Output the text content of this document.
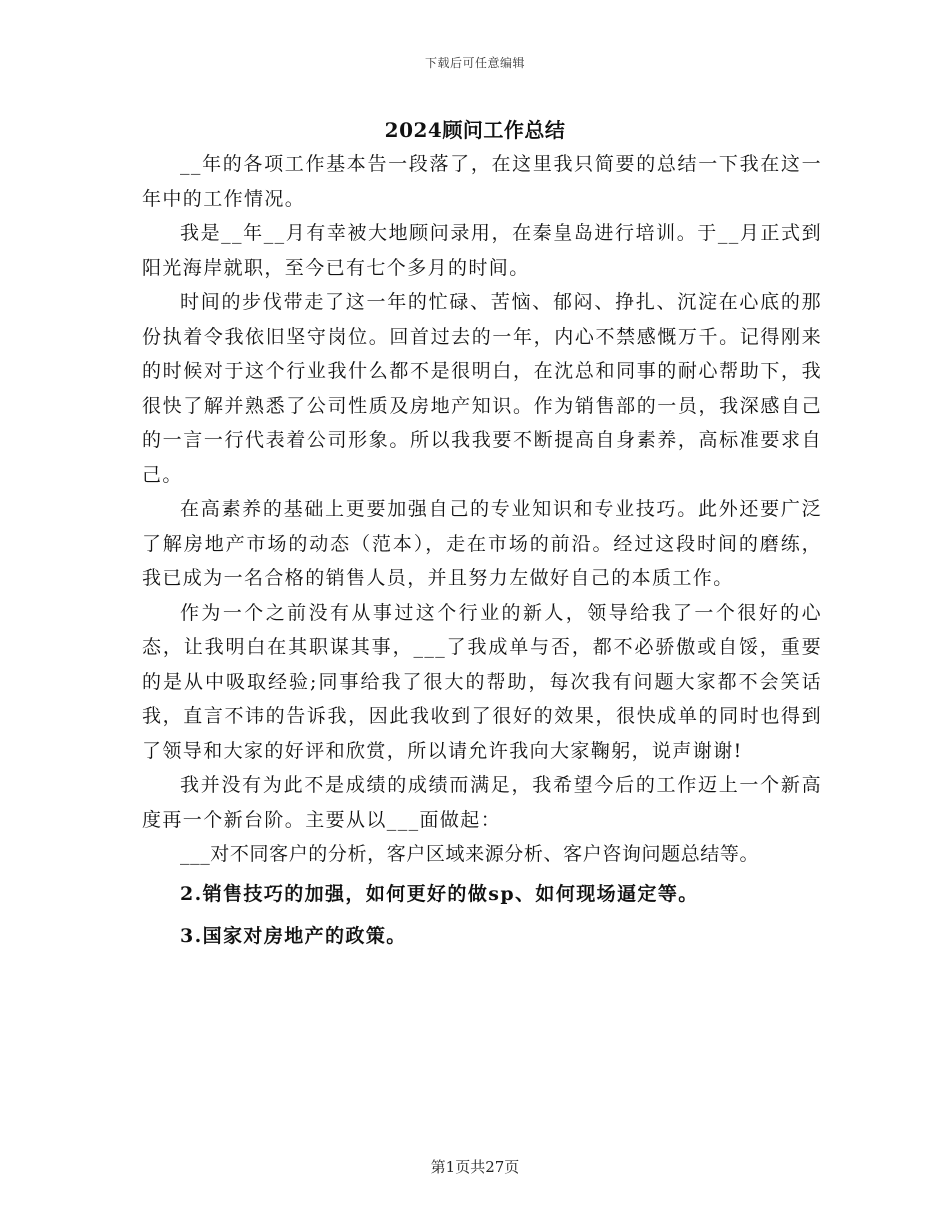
下载后可任意编辑
2024顾问工作总结

__年的各项工作基本告一段落了，在这里我只简要的总结一下我在这一年中的工作情况。

我是__年__月有幸被大地顾问录用，在秦皇岛进行培训。于__月正式到阳光海岸就职，至今已有七个多月的时间。

时间的步伐带走了这一年的忙碌、苦恼、郁闷、挣扎、沉淀在心底的那份执着令我依旧坚守岗位。回首过去的一年，内心不禁感慨万千。记得刚来的时候对于这个行业我什么都不是很明白，在沈总和同事的耐心帮助下，我很快了解并熟悉了公司性质及房地产知识。作为销售部的一员，我深感自己的一言一行代表着公司形象。所以我我要不断提高自身素养，高标准要求自己。

在高素养的基础上更要加强自己的专业知识和专业技巧。此外还要广泛了解房地产市场的动态（范本），走在市场的前沿。经过这段时间的磨练，我已成为一名合格的销售人员，并且努力左做好自己的本质工作。

作为一个之前没有从事过这个行业的新人，领导给我了一个很好的心态，让我明白在其职谋其事，___了我成单与否，都不必骄傲或自馁，重要的是从中吸取经验;同事给我了很大的帮助，每次我有问题大家都不会笑话我，直言不讳的告诉我，因此我收到了很好的效果，很快成单的同时也得到了领导和大家的好评和欣赏，所以请允许我向大家鞠躬，说声谢谢!

我并没有为此不是成绩的成绩而满足，我希望今后的工作迈上一个新高度再一个新台阶。主要从以___面做起：

___对不同客户的分析，客户区域来源分析、客户咨询问题总结等。

2.销售技巧的加强，如何更好的做sp、如何现场逼定等。

3.国家对房地产的政策。

第1页共27页
